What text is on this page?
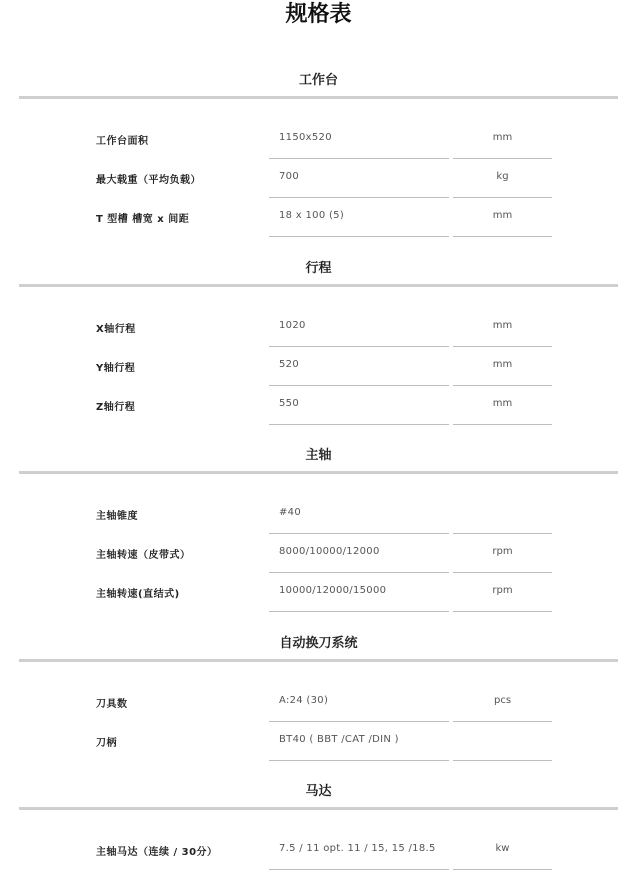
规格表
工作台
工作台面积	1150x520	mm
最大载重（平均负载）	700	kg
T 型槽 槽宽 x 间距	18 x 100 (5)	mm
行程
X轴行程	1020	mm
Y轴行程	520	mm
Z轴行程	550	mm
主轴
主轴锥度	#40
主轴转速（皮带式）	8000/10000/12000	rpm
主轴转速(直结式)	10000/12000/15000	rpm
自动换刀系统
刀具数	A:24 (30)	pcs
刀柄	BT40 ( BBT /CAT /DIN )
马达
主轴马达（连续 / 30分）	7.5 / 11 opt. 11 / 15, 15 /18.5	kw
